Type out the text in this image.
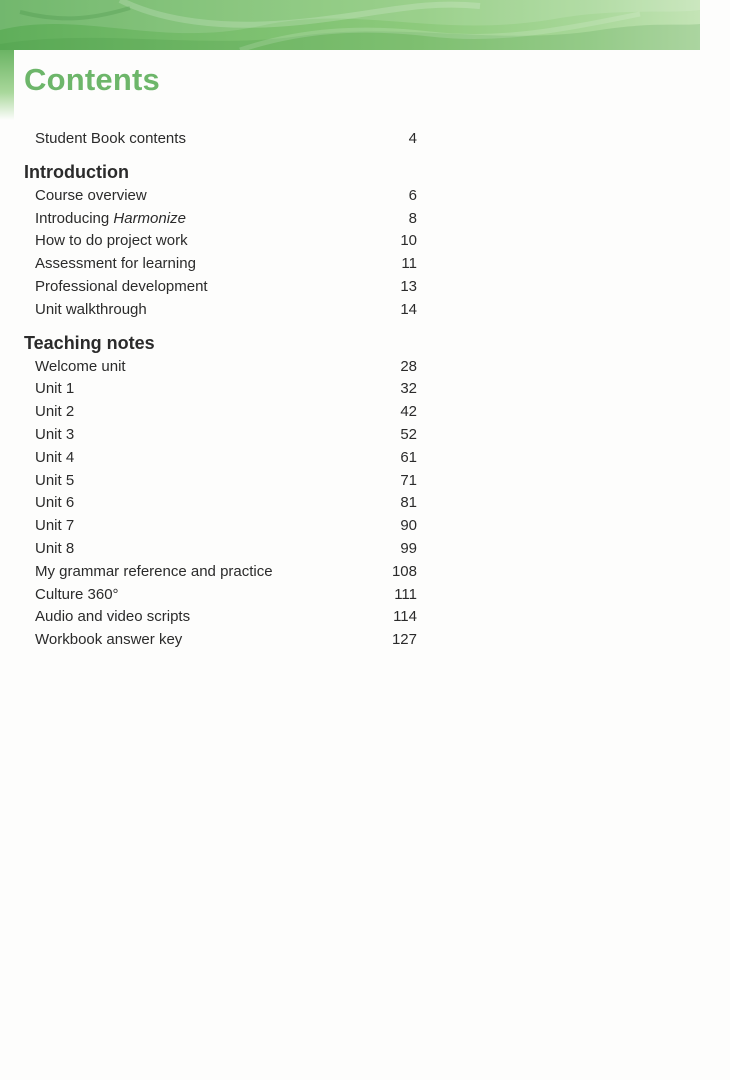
Contents
Student Book contents	4
Introduction
Course overview	6
Introducing Harmonize	8
How to do project work	10
Assessment for learning	11
Professional development	13
Unit walkthrough	14
Teaching notes
Welcome unit	28
Unit 1	32
Unit 2	42
Unit 3	52
Unit 4	61
Unit 5	71
Unit 6	81
Unit 7	90
Unit 8	99
My grammar reference and practice	108
Culture 360°	111
Audio and video scripts	114
Workbook answer key	127
